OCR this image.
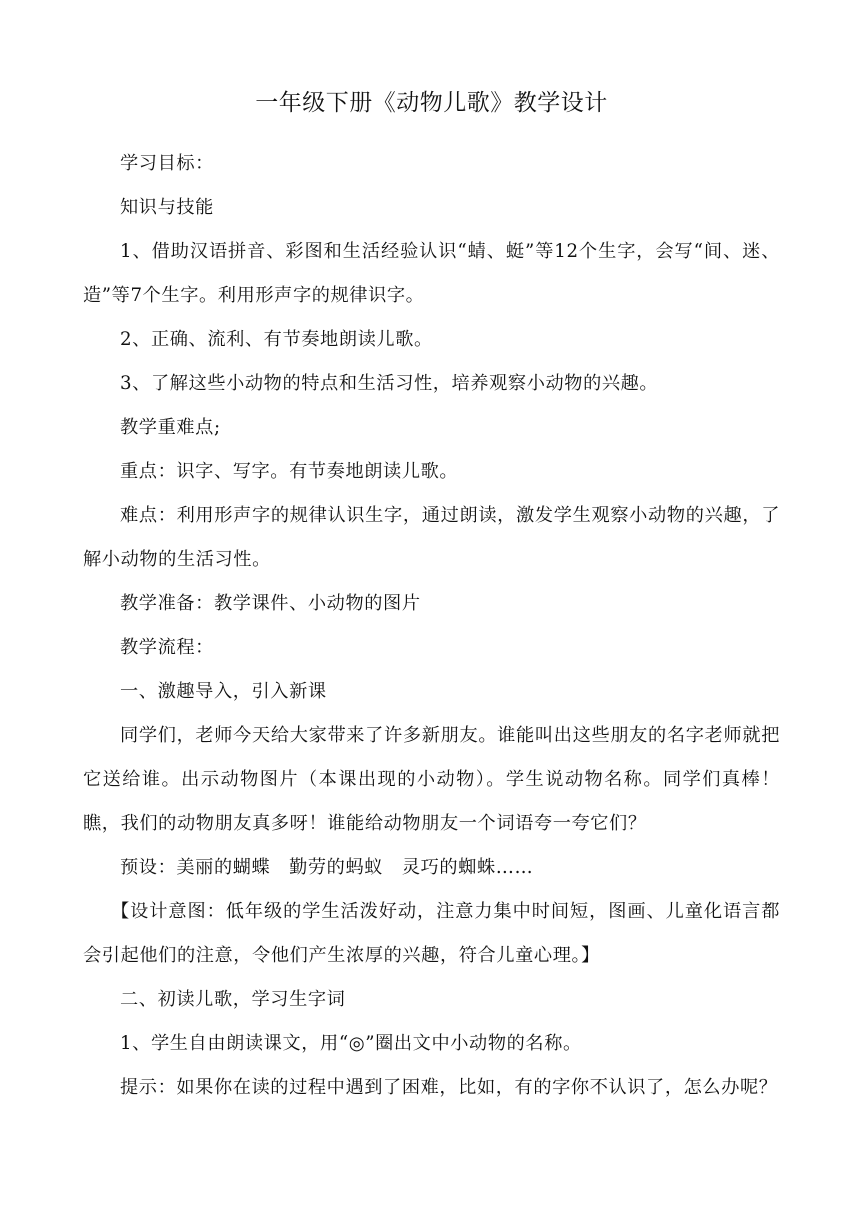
一年级下册《动物儿歌》教学设计

学习目标：

知识与技能

1、借助汉语拼音、彩图和生活经验认识“蜻、蜓”等12个生字，会写“间、迷、造”等7个生字。利用形声字的规律识字。

2、正确、流利、有节奏地朗读儿歌。

3、了解这些小动物的特点和生活习性，培养观察小动物的兴趣。

教学重难点;

重点：识字、写字。有节奏地朗读儿歌。

难点：利用形声字的规律认识生字，通过朗读，激发学生观察小动物的兴趣，了解小动物的生活习性。

教学准备：教学课件、小动物的图片

教学流程：

一、激趣导入，引入新课

同学们，老师今天给大家带来了许多新朋友。谁能叫出这些朋友的名字老师就把它送给谁。出示动物图片（本课出现的小动物）。学生说动物名称。同学们真棒！瞧，我们的动物朋友真多呀！谁能给动物朋友一个词语夸一夸它们？

预设：美丽的蝴蝶　勤劳的蚂蚁　灵巧的蜘蛛……

【设计意图：低年级的学生活泼好动，注意力集中时间短，图画、儿童化语言都会引起他们的注意，令他们产生浓厚的兴趣，符合儿童心理。】

二、初读儿歌，学习生字词

1、学生自由朗读课文，用“◎”圈出文中小动物的名称。

提示：如果你在读的过程中遇到了困难，比如，有的字你不认识了，怎么办呢？
